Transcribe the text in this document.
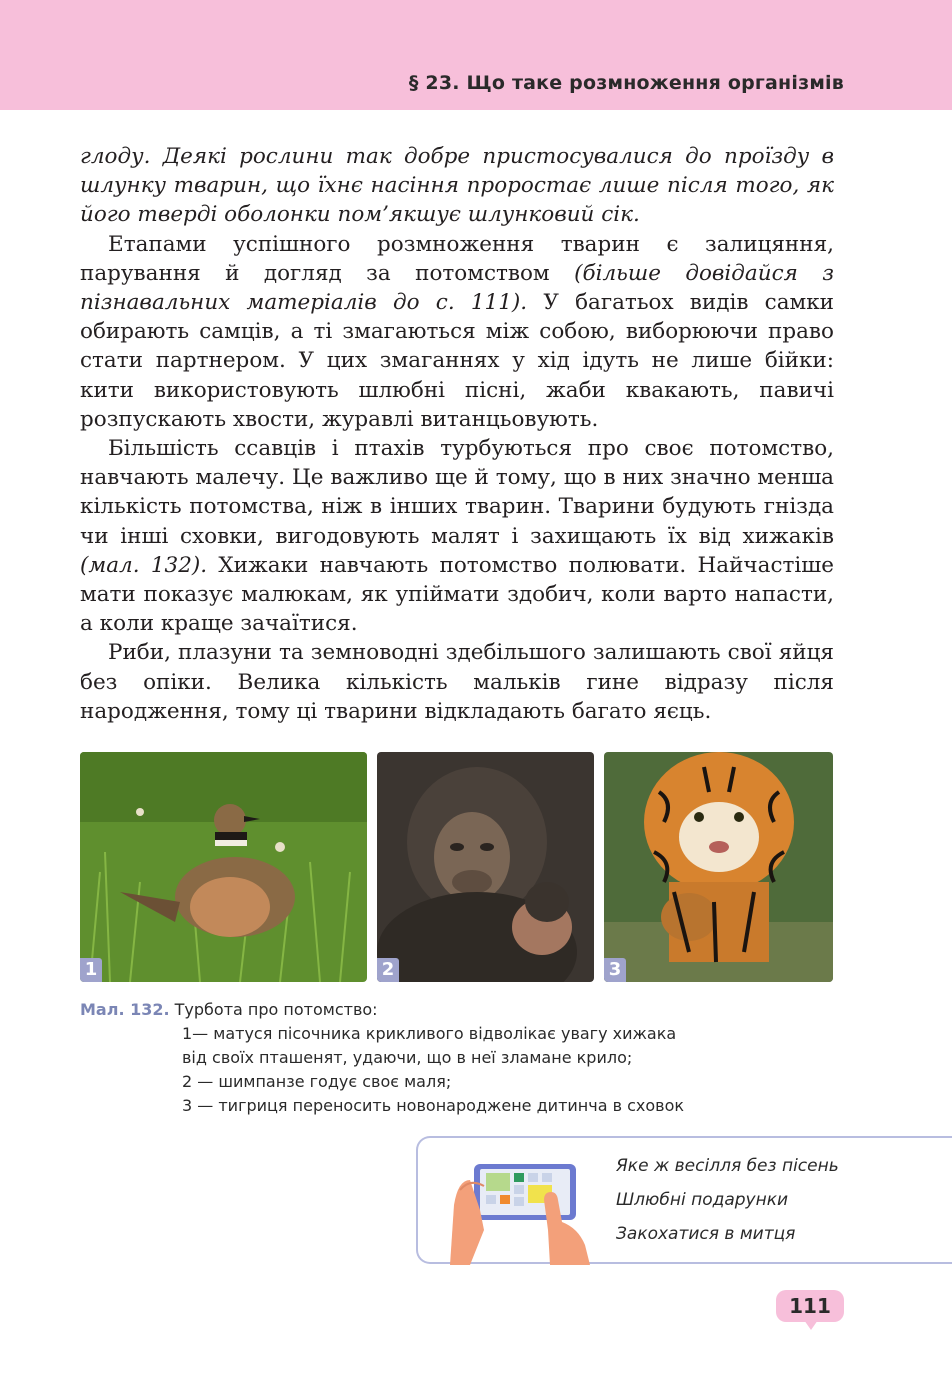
§ 23. Що таке розмноження організмів

глоду. Деякі рослини так добре пристосувалися до проїзду в шлунку тварин, що їхнє насіння проростає лише після того, як його тверді оболонки пом’якшує шлунковий сік.

Етапами успішного розмноження тварин є залицяння, парування й догляд за потомством (більше довідайся з пізнавальних матеріалів до с. 111). У багатьох видів самки обирають самців, а ті змагаються між собою, виборюючи право стати партнером. У цих змаганнях у хід ідуть не лише бійки: кити використовують шлюбні пісні, жаби квакають, павичі розпускають хвости, журавлі витанцьовують.

Більшість ссавців і птахів турбуються про своє потомство, навчають малечу. Це важливо ще й тому, що в них значно менша кількість потомства, ніж в інших тварин. Тварини будують гнізда чи інші сховки, вигодовують малят і захищають їх від хижаків (мал. 132). Хижаки навчають потомство полювати. Найчастіше мати показує малюкам, як упіймати здобич, коли варто напасти, а коли краще зачаїтися.

Риби, плазуни та земноводні здебільшого залишають свої яйця без опіки. Велика кількість мальків гине відразу після народження, тому ці тварини відкладають багато яєць.

1	2	3
Мал. 132. Турбота про потомство:
1— матуся пісочника крикливого відволікає увагу хижака
від своїх пташенят, удаючи, що в неї зламане крило;
2 — шимпанзе годує своє маля;
3 — тигриця переносить новонароджене дитинча в сховок
Яке ж весілля без пісень
Шлюбні подарунки
Закохатися в митця
111
